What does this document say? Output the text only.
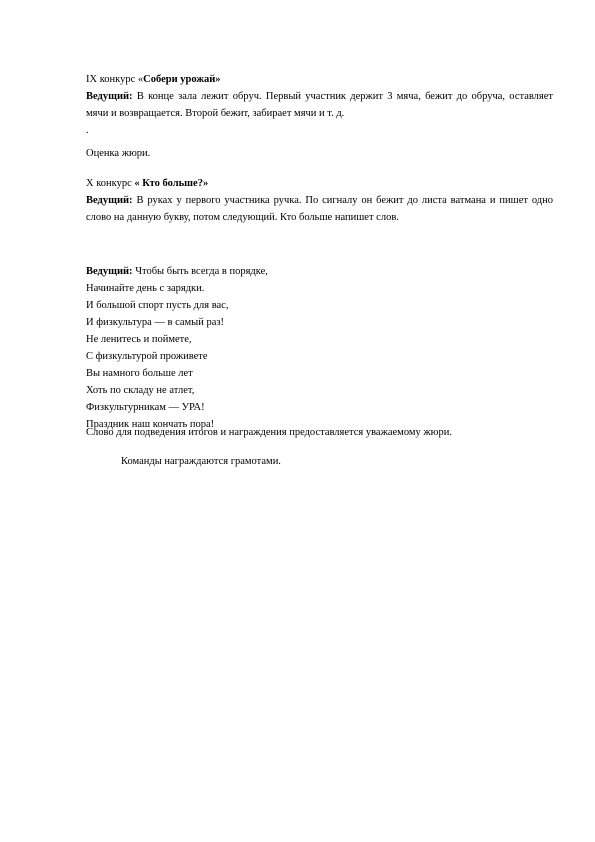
IX конкурс «Собери урожай»
Ведущий: В конце зала лежит обруч. Первый участник держит 3 мяча, бежит до обруча, оставляет мячи и возвращается. Второй бежит, забирает мячи и т. д.
.
Оценка жюри.
X конкурс « Кто больше?»
Ведущий: В руках у первого участника ручка. По сигналу он бежит до листа ватмана и пишет одно слово на данную букву, потом следующий. Кто больше напишет слов.
Ведущий: Чтобы быть всегда в порядке,
Начинайте день с зарядки.
И большой спорт пусть для вас,
И физкультура — в самый раз!
Не ленитесь и поймете,
С физкультурой проживете
Вы намного больше лет
Хоть по складу не атлет,
Физкультурникам — УРА!
Праздник наш кончать пора!
Слово для подведения итогов и награждения предоставляется уважаемому жюри.
Команды награждаются грамотами.
